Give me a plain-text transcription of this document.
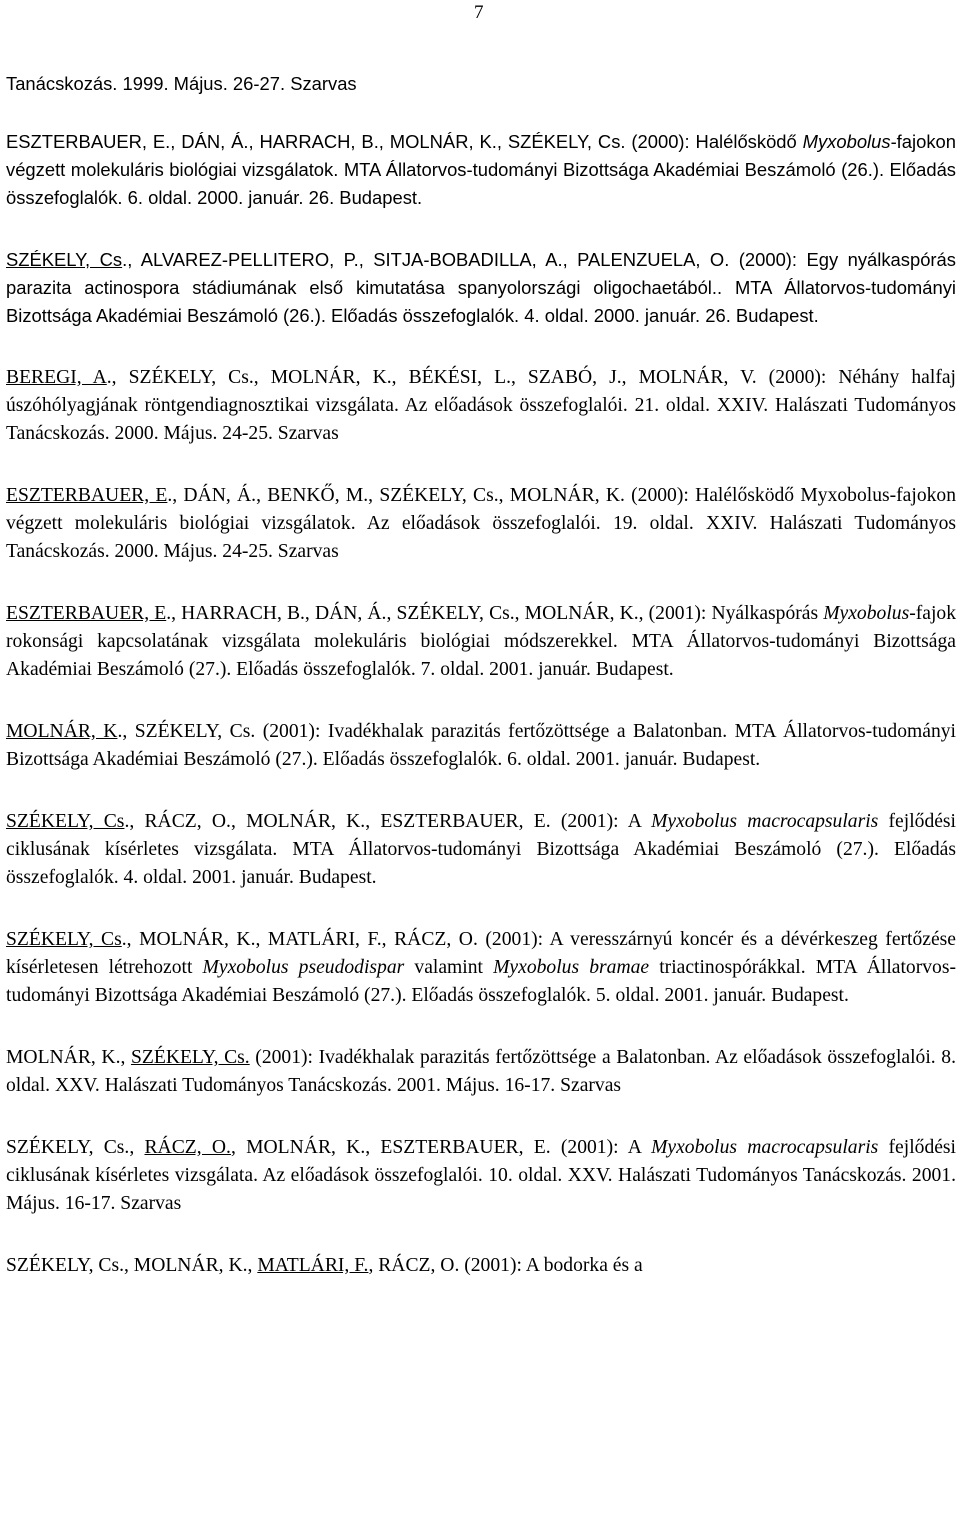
7

Tanácskozás. 1999. Május. 26-27. Szarvas

ESZTERBAUER, E., DÁN, Á., HARRACH, B., MOLNÁR, K., SZÉKELY, Cs. (2000): Halélősködő Myxobolus-fajokon végzett molekuláris biológiai vizsgálatok. MTA Állatorvos-tudományi Bizottsága Akadémiai Beszámoló (26.). Előadás összefoglalók. 6. oldal. 2000. január. 26. Budapest.

SZÉKELY, Cs., ALVAREZ-PELLITERO, P., SITJA-BOBADILLA, A., PALENZUELA, O. (2000): Egy nyálkaspórás parazita actinospora stádiumának első kimutatása spanyolországi oligochaetából.. MTA Állatorvos-tudományi Bizottsága Akadémiai Beszámoló (26.). Előadás összefoglalók. 4. oldal. 2000. január. 26. Budapest.

BEREGI, A., SZÉKELY, Cs., MOLNÁR, K., BÉKÉSI, L., SZABÓ, J., MOLNÁR, V. (2000): Néhány halfaj úszóhólyagjának röntgendiagnosztikai vizsgálata. Az előadások összefoglalói. 21. oldal. XXIV. Halászati Tudományos Tanácskozás. 2000. Május. 24-25. Szarvas

ESZTERBAUER, E., DÁN, Á., BENKŐ, M., SZÉKELY, Cs., MOLNÁR, K. (2000): Halélősködő Myxobolus-fajokon végzett molekuláris biológiai vizsgálatok. Az előadások összefoglalói. 19. oldal. XXIV. Halászati Tudományos Tanácskozás. 2000. Május. 24-25. Szarvas

ESZTERBAUER, E., HARRACH, B., DÁN, Á., SZÉKELY, Cs., MOLNÁR, K., (2001): Nyálkaspórás Myxobolus-fajok rokonsági kapcsolatának vizsgálata molekuláris biológiai módszerekkel. MTA Állatorvos-tudományi Bizottsága Akadémiai Beszámoló (27.). Előadás összefoglalók. 7. oldal. 2001. január. Budapest.

MOLNÁR, K., SZÉKELY, Cs. (2001): Ivadékhalak parazitás fertőzöttsége a Balatonban. MTA Állatorvos-tudományi Bizottsága Akadémiai Beszámoló (27.). Előadás összefoglalók. 6. oldal. 2001. január. Budapest.

SZÉKELY, Cs., RÁCZ, O., MOLNÁR, K., ESZTERBAUER, E. (2001): A Myxobolus macrocapsularis fejlődési ciklusának kísérletes vizsgálata. MTA Állatorvos-tudományi Bizottsága Akadémiai Beszámoló (27.). Előadás összefoglalók. 4. oldal. 2001. január. Budapest.

SZÉKELY, Cs., MOLNÁR, K., MATLÁRI, F., RÁCZ, O. (2001): A veresszárnyú koncér és a dévérkeszeg fertőzése kísérletesen létrehozott Myxobolus pseudodispar valamint Myxobolus bramae triactinospórákkal. MTA Állatorvos-tudományi Bizottsága Akadémiai Beszámoló (27.). Előadás összefoglalók. 5. oldal. 2001. január. Budapest.

MOLNÁR, K., SZÉKELY, Cs. (2001): Ivadékhalak parazitás fertőzöttsége a Balatonban. Az előadások összefoglalói. 8. oldal. XXV. Halászati Tudományos Tanácskozás. 2001. Május. 16-17. Szarvas

SZÉKELY, Cs., RÁCZ, O., MOLNÁR, K., ESZTERBAUER, E. (2001): A Myxobolus macrocapsularis fejlődési ciklusának kísérletes vizsgálata. Az előadások összefoglalói. 10. oldal. XXV. Halászati Tudományos Tanácskozás. 2001. Május. 16-17. Szarvas

SZÉKELY, Cs., MOLNÁR, K., MATLÁRI, F., RÁCZ, O. (2001): A bodorka és a
